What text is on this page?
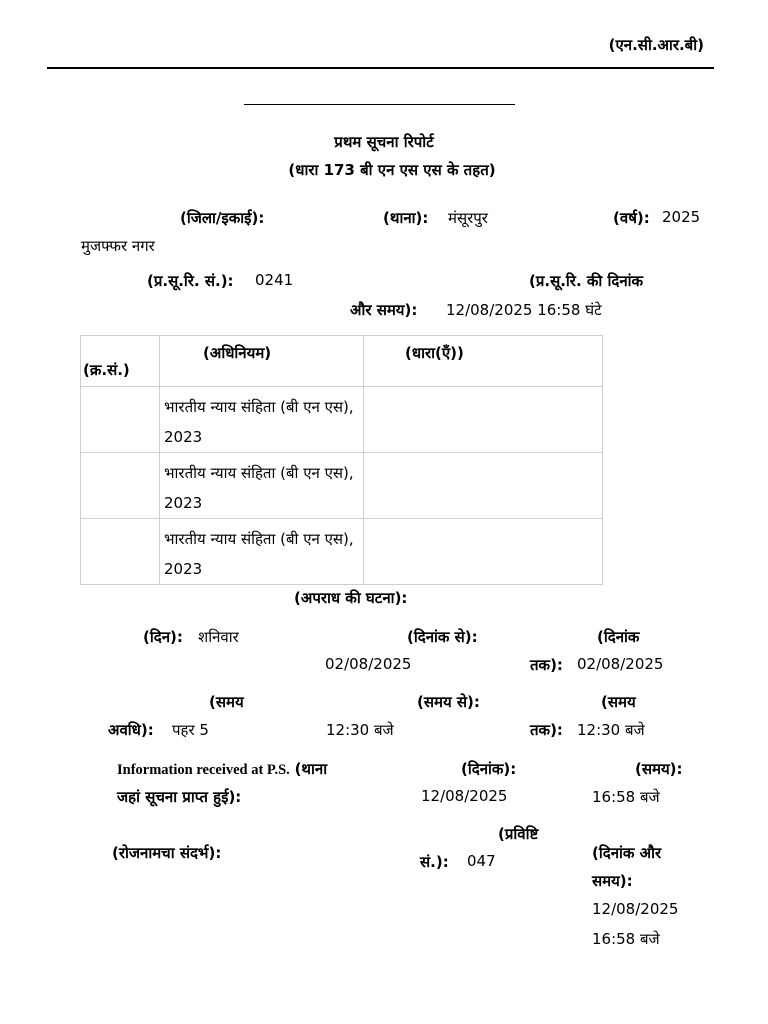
(एन.सी.आर.बी)
प्रथम सूचना रिपोर्ट
(धारा 173 बी एन एस एस के तहत)
(जिला/इकाई):
मुजफ्फर नगर
(थाना): मंसूरपुर	(वर्ष): 2025
(प्र.सू.रि. सं.): 0241	(प्र.सू.रि. की दिनांक
और समय): 12/08/2025 16:58 घंटे
(क्र.सं.)	(अधिनियम)	(धारा(एँ))

	भारतीय न्याय संहिता (बी एन एस), 2023	

	भारतीय न्याय संहिता (बी एन एस), 2023	

	भारतीय न्याय संहिता (बी एन एस), 2023	

(अपराध की घटना):
(दिन): शनिवार	(दिनांक से):
02/08/2025
(दिनांक
तक): 02/08/2025
(समय
अवधि): पहर 5
(समय से):
12:30 बजे
(समय
तक): 12:30 बजे
Information received at P.S. (थाना
जहां सूचना प्राप्त हुई):
(दिनांक):
12/08/2025
(समय):
16:58 बजे
(रोजनामचा संदर्भ):
(प्रविष्टि
सं.): 047	(दिनांक और
समय):
12/08/2025
16:58 बजे
